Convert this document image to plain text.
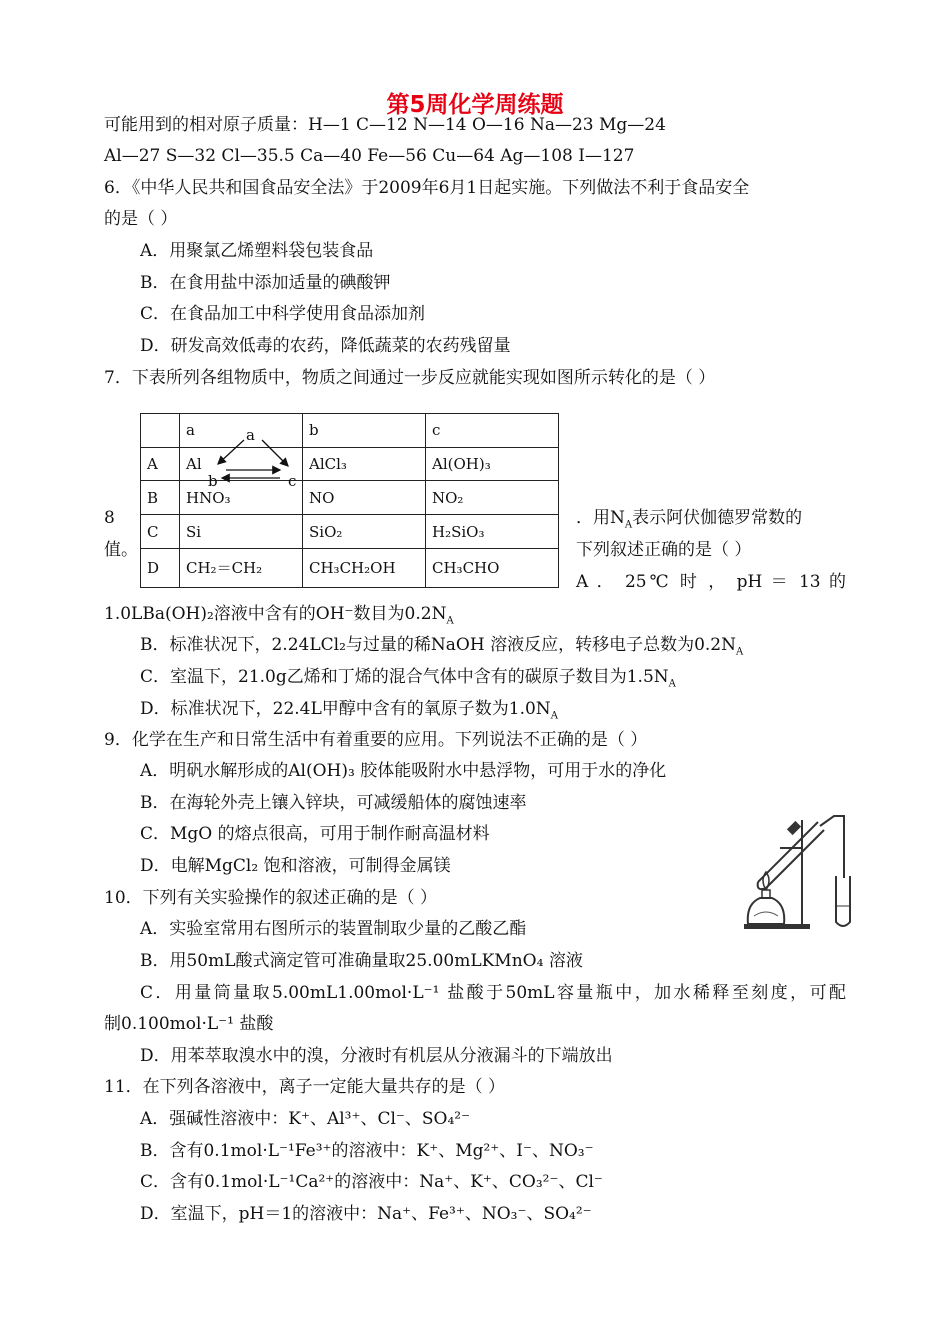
第5周化学周练题
可能用到的相对原子质量：H—1 C—12 N—14 O—16 Na—23 Mg—24
Al—27 S—32 Cl—35.5 Ca—40 Fe—56 Cu—64 Ag—108 I—127
6．《中华人民共和国食品安全法》于2009年6月1日起实施。下列做法不利于食品安全
的是（ ）
A．用聚氯乙烯塑料袋包装食品
B．在食用盐中添加适量的碘酸钾
C．在食品加工中科学使用食品添加剂
D．研发高效低毒的农药，降低蔬菜的农药残留量
7．下表所列各组物质中，物质之间通过一步反应就能实现如图所示转化的是（ ）
	a	b	c
A	Al	AlCl₃	Al(OH)₃
B	HNO₃	NO	NO₂
C	Si	SiO₂	H₂SiO₃
D	CH₂＝CH₂	CH₃CH₂OH	CH₃CHO
a
b	c
8
值。
．用$N_A$表示阿伏伽德罗常数的
下列叙述正确的是（ ）
A ． 25℃ 时 ， pH ＝ 13 的
1.0LBa(OH)₂溶液中含有的OH⁻数目为$0.2N_A$
B．标准状况下，2.24LCl₂与过量的稀NaOH 溶液反应，转移电子总数为$0.2N_A$
C．室温下，21.0g乙烯和丁烯的混合气体中含有的碳原子数目为$1.5N_A$
D．标准状况下，22.4L甲醇中含有的氧原子数为$1.0N_A$
9．化学在生产和日常生活中有着重要的应用。下列说法不正确的是（ ）
A．明矾水解形成的Al(OH)₃ 胶体能吸附水中悬浮物，可用于水的净化
B．在海轮外壳上镶入锌块，可减缓船体的腐蚀速率
C．MgO 的熔点很高，可用于制作耐高温材料
D．电解MgCl₂ 饱和溶液，可制得金属镁
10．下列有关实验操作的叙述正确的是（ ）
A．实验室常用右图所示的装置制取少量的乙酸乙酯
B．用50mL酸式滴定管可准确量取25.00mLKMnO₄ 溶液
C．用量筒量取5.00mL1.00mol·L⁻¹ 盐酸于50mL容量瓶中，加水稀释至刻度，可配
制0.100mol·L⁻¹ 盐酸
D．用苯萃取溴水中的溴，分液时有机层从分液漏斗的下端放出
11．在下列各溶液中，离子一定能大量共存的是（ ）
A．强碱性溶液中：K⁺、Al³⁺、Cl⁻、SO₄²⁻
B．含有0.1mol·L⁻¹Fe³⁺的溶液中：K⁺、Mg²⁺、I⁻、NO₃⁻
C．含有0.1mol·L⁻¹Ca²⁺的溶液中：Na⁺、K⁺、CO₃²⁻、Cl⁻
D．室温下，pH＝1的溶液中：Na⁺、Fe³⁺、NO₃⁻、SO₄²⁻
